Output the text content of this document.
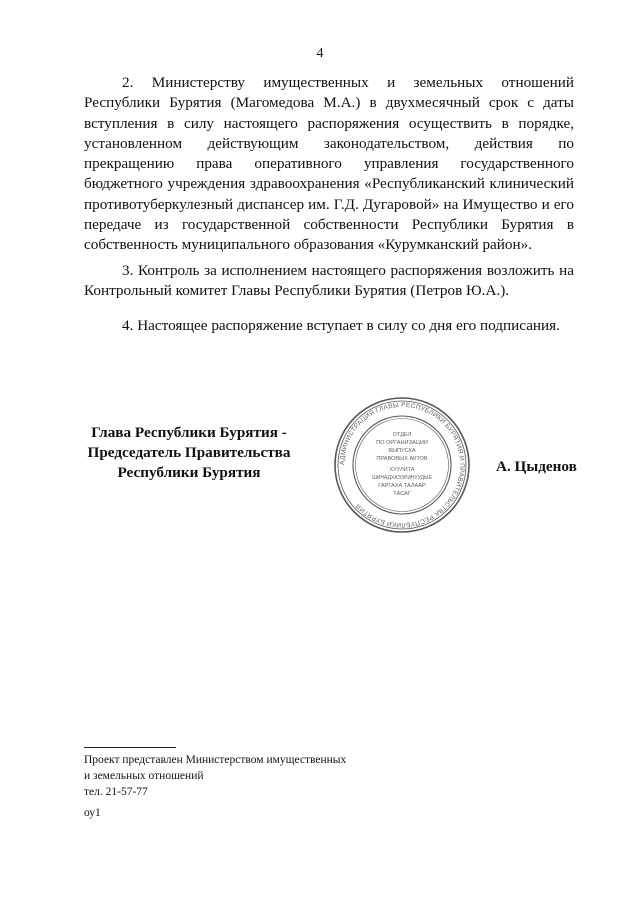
4

2. Министерству имущественных и земельных отношений Республики Бурятия (Магомедова М.А.) в двухмесячный срок с даты вступления в силу настоящего распоряжения осуществить в порядке, установленном действующим законодательством, действия по прекращению права оперативного управления государственного бюджетного учреждения здравоохранения «Республиканский клинический противотуберкулезный диспансер им. Г.Д. Дугаровой» на Имущество и его передаче из государственной собственности Республики Бурятия в собственность муниципального образования «Курумканский район».

3. Контроль за исполнением настоящего распоряжения возложить на Контрольный комитет Главы Республики Бурятия (Петров Ю.А.).

4. Настоящее распоряжение вступает в силу со дня его подписания.

Глава Республики Бурятия -
Председатель Правительства
Республики Бурятия
АДМИНИСТРАЦИЯ ГЛАВЫ РЕСПУБЛИКИ БУРЯТИЯ И ПРАВИТЕЛЬСТВА РЕСПУБЛИКИ БУРЯТИЯ
ОТДЕЛ
ПО ОРГАНИЗАЦИИ
ВЫПУСКА
ПРАВОВЫХ АКТОВ
ХУУЛИТА
ШИНАДХАЭЗРИНУУДЫЕ
ГАРГАХА ТАЛААР
ТАСАГ
А. Цыденов
Проект представлен Министерством имущественных
и земельных отношений
тел. 21-57-77
оу1
